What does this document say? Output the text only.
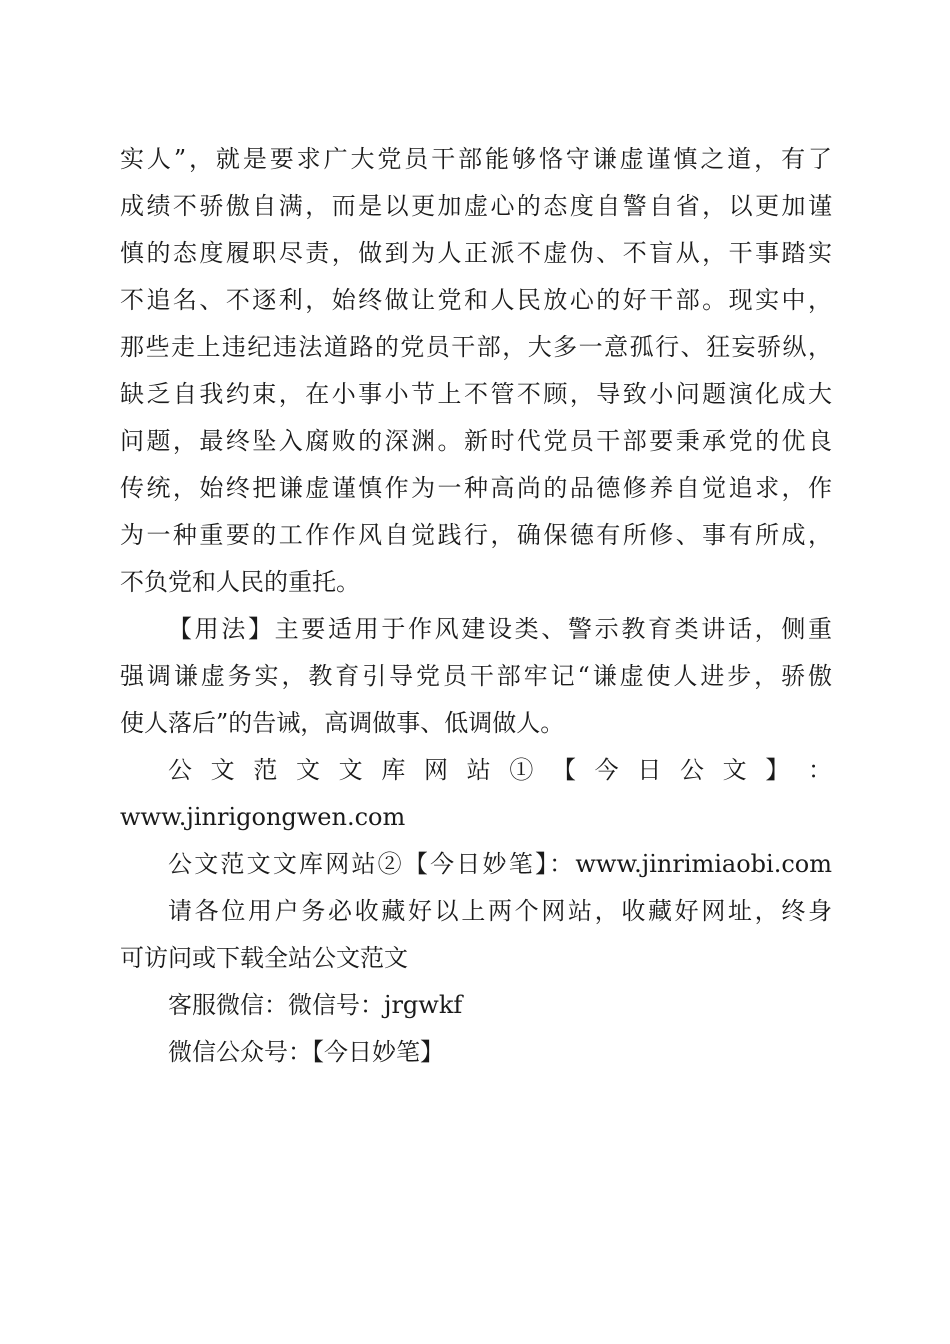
实人”，就是要求广大党员干部能够恪守谦虚谨慎之道，有了
成绩不骄傲自满，而是以更加虚心的态度自警自省，以更加谨
慎的态度履职尽责，做到为人正派不虚伪、不盲从，干事踏实
不追名、不逐利，始终做让党和人民放心的好干部。现实中，
那些走上违纪违法道路的党员干部，大多一意孤行、狂妄骄纵，
缺乏自我约束，在小事小节上不管不顾，导致小问题演化成大
问题，最终坠入腐败的深渊。新时代党员干部要秉承党的优良
传统，始终把谦虚谨慎作为一种高尚的品德修养自觉追求，作
为一种重要的工作作风自觉践行，确保德有所修、事有所成，
不负党和人民的重托。
【用法】主要适用于作风建设类、警示教育类讲话，侧重
强调谦虚务实，教育引导党员干部牢记“谦虚使人进步，骄傲
使人落后”的告诫，高调做事、低调做人。
公 文 范 文 文 库 网 站 ① 【 今 日 公 文 】 ：
www.jinrigongwen.com
公文范文文库网站②【今日妙笔】：www.jinrimiaobi.com
请各位用户务必收藏好以上两个网站，收藏好网址，终身
可访问或下载全站公文范文
客服微信：微信号：jrgwkf
微信公众号：【今日妙笔】
